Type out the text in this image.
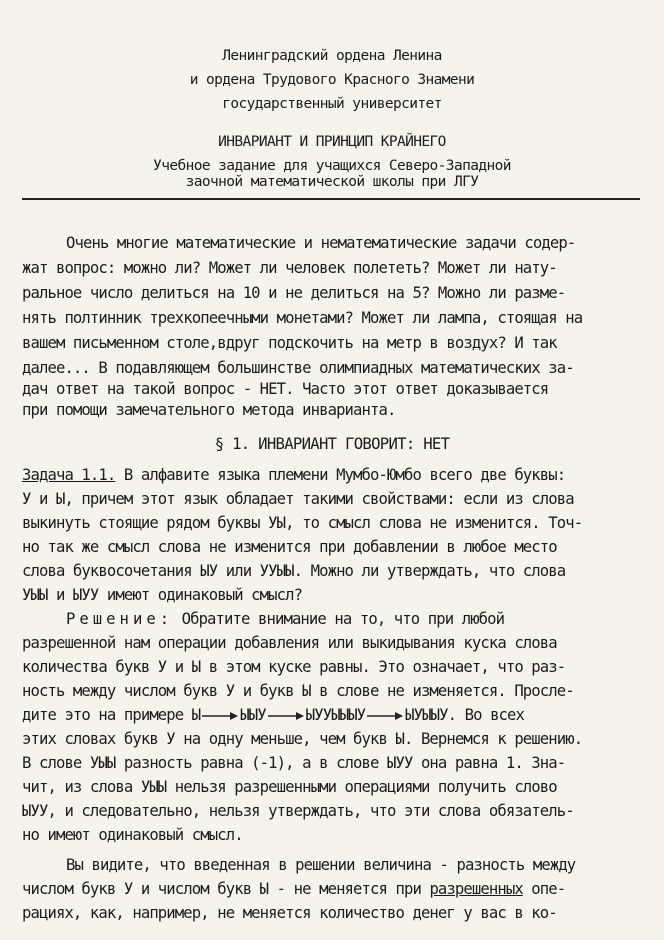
Ленинградский ордена Ленина
и ордена Трудового Красного Знамени
государственный университет
ИНВАРИАНТ И ПРИНЦИП КРАЙНЕГО
Учебное задание для учащихся Северо-Западной
заочной математической школы при ЛГУ
Очень многие математические и нематематические задачи содер-
жат вопрос: можно ли? Может ли человек полететь? Может ли нату-
ральное число делиться на 10 и не делиться на 5? Можно ли разме-
нять полтинник трехкопеечными монетами? Может ли лампа, стоящая на
вашем письменном столе,вдруг подскочить на метр в воздух? И так
далее... В подавляющем большинстве олимпиадных математических за-
дач ответ на такой вопрос - НЕТ. Часто этот ответ доказывается
при помощи замечательного метода инварианта.
§ 1. ИНВАРИАНТ ГОВОРИТ: НЕТ
Задача 1.1. В алфавите языка племени Мумбо-Юмбо всего две буквы:
У и Ы, причем этот язык обладает такими свойствами: если из слова
выкинуть стоящие рядом буквы УЫ, то смысл слова не изменится. Точ-
но так же смысл слова не изменится при добавлении в любое место
слова буквосочетания ЫУ или УУЫЫ. Можно ли утверждать, что слова
УЫЫ и ЫУУ имеют одинаковый смысл?
Решение: Обратите внимание на то, что при любой
разрешенной нам операции добавления или выкидывания куска слова
количества букв У и Ы в этом куске равны. Это означает, что раз-
ность между числом букв У и букв Ы в слове не изменяется. Просле-
дите это на примере Ы	ЫЫУ	ЫУУЫЫЫУ	ЫУЫЫУ. Во всех
этих словах букв У на одну меньше, чем букв Ы. Вернемся к решению.
В слове УЫЫ разность равна (-1), а в слове ЫУУ она равна 1. Зна-
чит, из слова УЫЫ нельзя разрешенными операциями получить слово
ЫУУ, и следовательно, нельзя утверждать, что эти слова обязатель-
но имеют одинаковый смысл.
Вы видите, что введенная в решении величина - разность между
числом букв У и числом букв Ы - не меняется при разрешенных опе-
рациях, как, например, не меняется количество денег у вас в ко-
